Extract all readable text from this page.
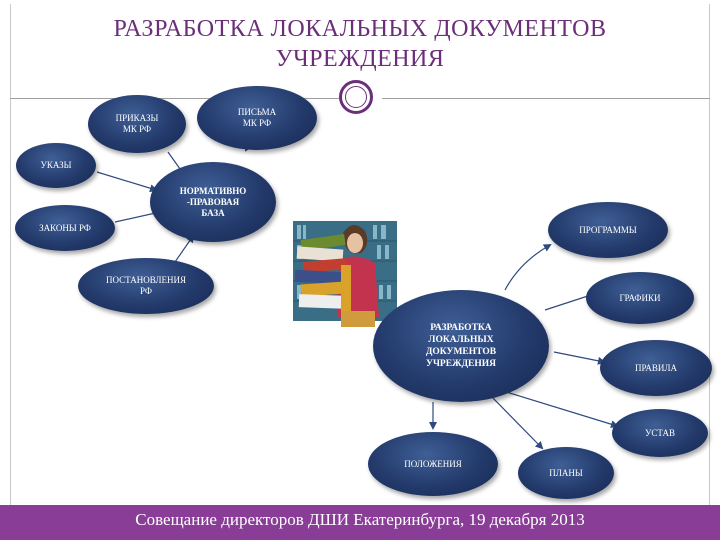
РАЗРАБОТКА ЛОКАЛЬНЫХ ДОКУМЕНТОВ
УЧРЕЖДЕНИЯ
ПРИКАЗЫ
МК РФ
ПИСЬМА
МК РФ
УКАЗЫ
НОРМАТИВНО
-ПРАВОВАЯ
БАЗА
ЗАКОНЫ РФ
ПОСТАНОВЛЕНИЯ
РФ
РАЗРАБОТКА
ЛОКАЛЬНЫХ
ДОКУМЕНТОВ
УЧРЕЖДЕНИЯ
ПРОГРАММЫ
ГРАФИКИ
ПРАВИЛА
УСТАВ
ПОЛОЖЕНИЯ
ПЛАНЫ
Совещание директоров ДШИ Екатеринбурга, 19 декабря 2013
